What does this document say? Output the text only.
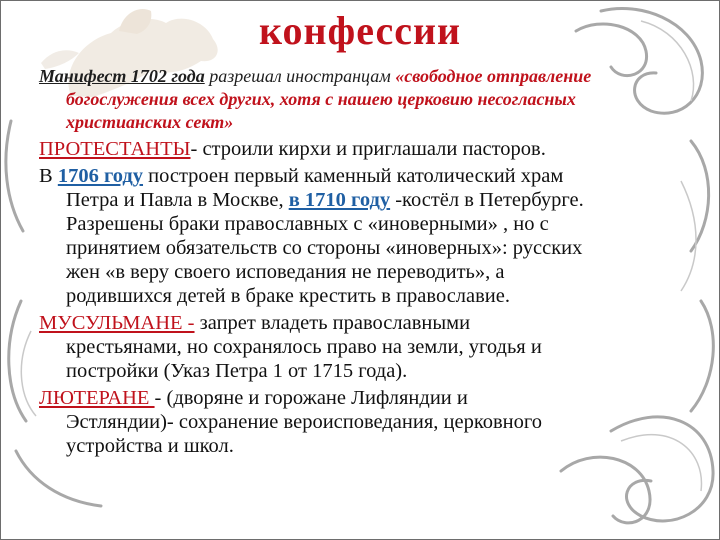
конфессии
Манифест 1702 года разрешал иностранцам «свободное отправление
богослужения всех других, хотя с нашею церковию несогласных
христианских сект»
ПРОТЕСТАНТЫ- строили кирхи и приглашали пасторов.
В 1706 году построен первый каменный католический храм
Петра и Павла в Москве, в 1710 году -костёл в Петербурге.
Разрешены браки православных с «иноверными» , но с
принятием обязательств со стороны «иноверных»: русских
жен «в веру своего исповедания не переводить», а
родившихся детей в браке крестить в православие.
МУСУЛЬМАНЕ - запрет владеть православными
крестьянами, но сохранялось право на земли, угодья и
постройки (Указ Петра 1 от 1715 года).
ЛЮТЕРАНЕ - (дворяне и горожане Лифляндии и
Эстляндии)- сохранение вероисповедания, церковного
устройства и школ.
